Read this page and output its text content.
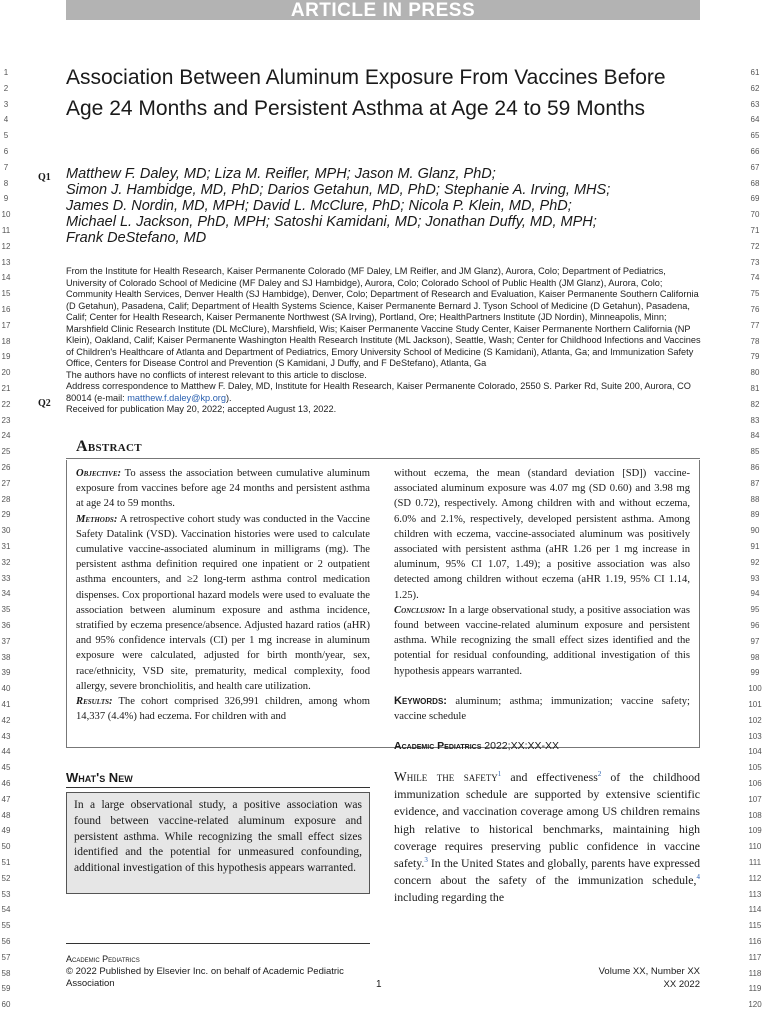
ARTICLE IN PRESS
1	61
2	62
3	63
4	64
5	65
6	66
7	67
8	68
9	69
10	70
11	71
12	72
13	73
14	74
15	75
16	76
17	77
18	78
19	79
20	80
21	81
22	82
23	83
24	84
25	85
26	86
27	87
28	88
29	89
30	90
31	91
32	92
33	93
34	94
35	95
36	96
37	97
38	98
39	99
40	100
41	101
42	102
43	103
44	104
45	105
46	106
47	107
48	108
49	109
50	110
51	111
52	112
53	113
54	114
55	115
56	116
57	117
58	118
59	119
60	120
Q1
Q2
Association Between Aluminum Exposure From Vaccines Before Age 24 Months and Persistent Asthma at Age 24 to 59 Months
Matthew F. Daley, MD; Liza M. Reifler, MPH; Jason M. Glanz, PhD;
Simon J. Hambidge, MD, PhD; Darios Getahun, MD, PhD; Stephanie A. Irving, MHS;
James D. Nordin, MD, MPH; David L. McClure, PhD; Nicola P. Klein, MD, PhD;
Michael L. Jackson, PhD, MPH; Satoshi Kamidani, MD; Jonathan Duffy, MD, MPH;
Frank DeStefano, MD

From the Institute for Health Research, Kaiser Permanente Colorado (MF Daley, LM Reifler, and JM Glanz), Aurora, Colo; Department of Pediatrics, University of Colorado School of Medicine (MF Daley and SJ Hambidge), Aurora, Colo; Colorado School of Public Health (JM Glanz), Aurora, Colo; Community Health Services, Denver Health (SJ Hambidge), Denver, Colo; Department of Research and Evaluation, Kaiser Permanente Southern California (D Getahun), Pasadena, Calif; Department of Health Systems Science, Kaiser Permanente Bernard J. Tyson School of Medicine (D Getahun), Pasadena, Calif; Center for Health Research, Kaiser Permanente Northwest (SA Irving), Portland, Ore; HealthPartners Institute (JD Nordin), Minneapolis, Minn; Marshfield Clinic Research Institute (DL McClure), Marshfield, Wis; Kaiser Permanente Vaccine Study Center, Kaiser Permanente Northern California (NP Klein), Oakland, Calif; Kaiser Permanente Washington Health Research Institute (ML Jackson), Seattle, Wash; Center for Childhood Infections and Vaccines of Children's Healthcare of Atlanta and Department of Pediatrics, Emory University School of Medicine (S Kamidani), Atlanta, Ga; and Immunization Safety Office, Centers for Disease Control and Prevention (S Kamidani, J Duffy, and F DeStefano), Atlanta, Ga

The authors have no conflicts of interest relevant to this article to disclose.

Address correspondence to Matthew F. Daley, MD, Institute for Health Research, Kaiser Permanente Colorado, 2550 S. Parker Rd, Suite 200, Aurora, CO 80014 (e-mail: matthew.f.daley@kp.org).

Received for publication May 20, 2022; accepted August 13, 2022.

Abstract

Objective: To assess the association between cumulative aluminum exposure from vaccines before age 24 months and persistent asthma at age 24 to 59 months.

Methods: A retrospective cohort study was conducted in the Vaccine Safety Datalink (VSD). Vaccination histories were used to calculate cumulative vaccine-associated aluminum in milligrams (mg). The persistent asthma definition required one inpatient or 2 outpatient asthma encounters, and ≥2 long-term asthma control medication dispenses. Cox proportional hazard models were used to evaluate the association between aluminum exposure and asthma incidence, stratified by eczema presence/absence. Adjusted hazard ratios (aHR) and 95% confidence intervals (CI) per 1 mg increase in aluminum exposure were calculated, adjusted for birth month/year, sex, race/ethnicity, VSD site, prematurity, medical complexity, food allergy, severe bronchiolitis, and health care utilization.

Results: The cohort comprised 326,991 children, among whom 14,337 (4.4%) had eczema. For children with and

without eczema, the mean (standard deviation [SD]) vaccine-associated aluminum exposure was 4.07 mg (SD 0.60) and 3.98 mg (SD 0.72), respectively. Among children with and without eczema, 6.0% and 2.1%, respectively, developed persistent asthma. Among children with eczema, vaccine-associated aluminum was positively associated with persistent asthma (aHR 1.26 per 1 mg increase in aluminum, 95% CI 1.07, 1.49); a positive association was also detected among children without eczema (aHR 1.19, 95% CI 1.14, 1.25).

Conclusion: In a large observational study, a positive association was found between vaccine-related aluminum exposure and persistent asthma. While recognizing the small effect sizes identified and the potential for residual confounding, additional investigation of this hypothesis appears warranted.

Keywords: aluminum; asthma; immunization; vaccine safety; vaccine schedule

Academic Pediatrics 2022;XX:XX-XX

What's New
In a large observational study, a positive association was found between vaccine-related aluminum exposure and persistent asthma. While recognizing the small effect sizes identified and the potential for unmeasured confounding, additional investigation of this hypothesis appears warranted.

While the safety$^1$ and effectiveness$^2$ of the childhood immunization schedule are supported by extensive scientific evidence, and vaccination coverage among US children remains high relative to historical benchmarks, maintaining high coverage requires preserving public confidence in vaccine safety.$^3$ In the United States and globally, parents have expressed concern about the safety of the immunization schedule,$^4$ including regarding the

Academic Pediatrics
© 2022 Published by Elsevier Inc. on behalf of Academic Pediatric Association	1
Volume XX, Number XX
XX 2022
